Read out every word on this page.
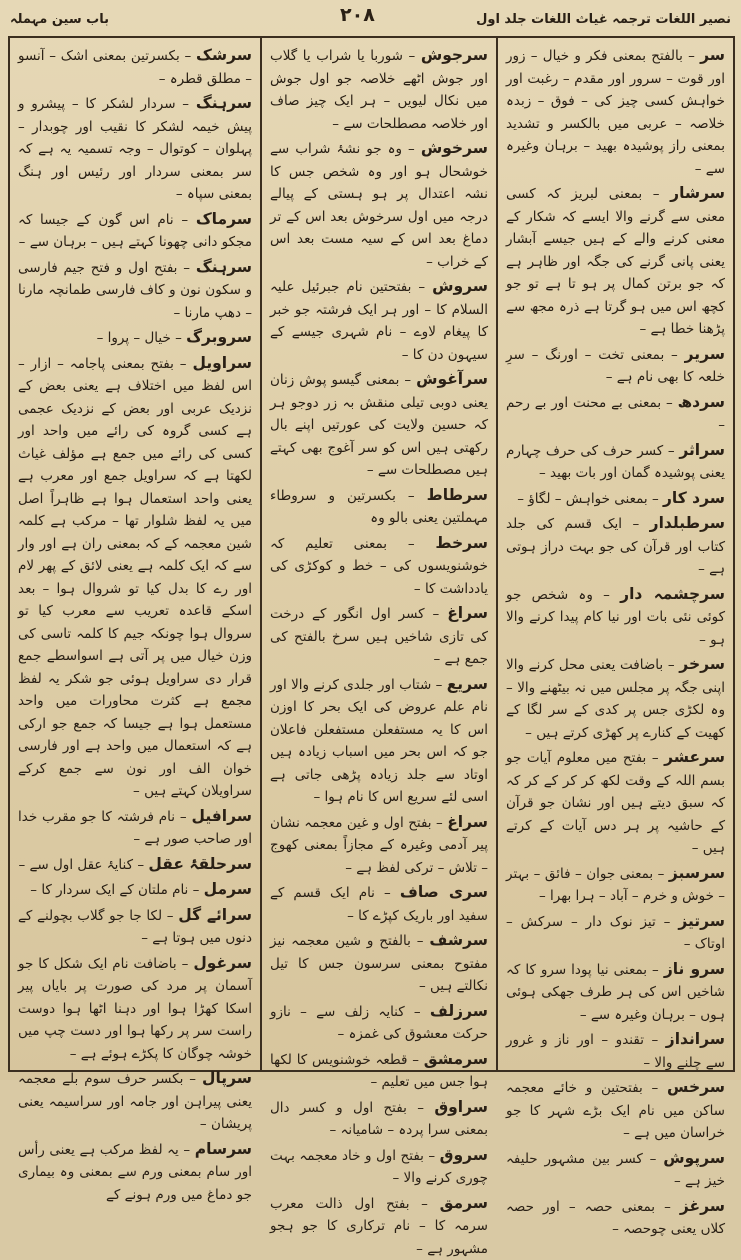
نصیر اللغات ترجمہ غیاث اللغات جلد اول
۲۰۸
باب سین مہملہ

سر – بالفتح بمعنی فکر و خیال – زور اور قوت – سرور اور مقدم – رغبت اور خواہش کسی چیز کی – فوق – زبدہ خلاصہ – عربی میں بالکسر و تشدید بمعنی راز پوشیدہ بھید – برہان وغیرہ سے –

سرشار – بمعنی لبریز کہ کسی معنی سے گرنے والا ایسے کہ شکار کے معنی کرنے والے کے ہیں جیسے آبشار یعنی پانی گرنے کی جگہ اور ظاہر ہے کہ جو برتن کمال پر ہو تا ہے تو جو کچھ اس میں ہو گرتا ہے ذرہ مجھ سے پڑھنا خطا ہے –

سریر – بمعنی تخت – اورنگ – سرِ خلعہ کا بھی نام ہے –

سردھ – بمعنی بے محنت اور بے رحم –

سراثر – کسر حرف کی حرف چہارم یعنی پوشیدہ گمان اور بات بھید –

سرد کار – بمعنی خواہش – لگاؤ –

سرطبلدار – ایک قسم کی جلد کتاب اور قرآن کی جو بہت دراز ہوتی ہے –

سرچشمہ دار – وہ شخص جو کوئی نئی بات اور نیا کام پیدا کرنے والا ہو –

سرخر – باضافت یعنی محل کرنے والا اپنی جگہ پر مجلس میں نہ بیٹھنے والا – وہ لکڑی جس پر کدی کے سر لگا کے کھیت کے کنارے پر کھڑی کرتے ہیں –

سرعشر – بفتح میں معلوم آیات جو بسم اللہ کے وقت لکھ کر کر کے کر کہ کہ سبق دیتے ہیں اور نشان جو قرآن کے حاشیہ پر ہر دس آیات کے کرتے ہیں –

سرسبز – بمعنی جوان – فائق – بہتر – خوش و خرم – آباد – ہرا بھرا –

سرتیز – تیز نوک دار – سرکش – اوتاک –

سرو ناز – بمعنی نیا پودا سرو کا کہ شاخیں اس کی ہر طرف جھکی ہوئی ہوں – برہان وغیرہ سے –

سرانداز – تقندو – اور ناز و غرور سے چلنے والا –

سرخس – بفتحتین و خائے معجمہ ساکن میں نام ایک بڑے شہر کا جو خراسان میں ہے –

سرپوش – کسر بین مشہور حلیفہ خیز ہے –

سرغز – بمعنی حصہ – اور حصہ کلاں یعنی چوحصہ –

سرجوش – شوربا یا شراب یا گلاب اور جوش اٹھے خلاصہ جو اول جوش میں نکال لیویں – ہر ایک چیز صاف اور خلاصہ مصطلحات سے –

سرخوش – وہ جو نشۂ شراب سے خوشحال ہو اور وہ شخص جس کا نشہ اعتدال پر ہو ہستی کے پیالے درجہ میں اول سرخوش بعد اس کے تر دماغ بعد اس کے سیہ مست بعد اس کے خراب –

سروش – بفتحتین نام جبرئیل علیہ السلام کا – اور ہر ایک فرشتہ جو خبر کا پیغام لاوے – نام شہری جیسے کے سیہون دن کا –

سرآغوش – بمعنی گیسو پوش زنان یعنی دوبی تیلی منقش بہ زر دوجو ہر کہ حسین ولایت کی عورتیں اپنے بال رکھتی ہیں اس کو سر آغوج بھی کہتے ہیں مصطلحات سے –

سرطاط – بکسرتین و سروطاء مہملتین یعنی بالو وہ

سرخط – بمعنی تعلیم کہ خوشنویسوں کی – خط و کوکڑی کی یادداشت کا –

سراغ – کسر اول انگور کے درخت کی تازی شاخیں ہیں سرخ بالفتح کی جمع ہے –

سریع – شتاب اور جلدی کرنے والا اور نام علم عروض کی ایک بحر کا اوزن اس کا یہ مستفعلن مستفعلن فاعلان جو کہ اس بحر میں اسباب زیادہ ہیں اوتاد سے جلد زیادہ پڑھی جاتی ہے اسی لئے سریع اس کا نام ہوا –

سراغ – بفتح اول و غین معجمہ نشان پیر آدمی وغیرہ کے مجازاً بمعنی کھوج – تلاش – ترکی لفظ ہے –

سری صاف – نام ایک قسم کے سفید اور باریک کپڑے کا –

سرشف – بالفتح و شین معجمہ نیز مفتوح بمعنی سرسون جس کا تیل نکالتے ہیں –

سرزلف – کنایہ زلف سے – نازو حرکت معشوق کی غمزہ –

سرمشق – قطعہ خوشنویس کا لکھا ہوا جس میں تعلیم –

سراوق – بفتح اول و کسر دال بمعنی سرا پردہ – شامیانہ –

سروق – بفتح اول و خاد معجمہ بہت چوری کرنے والا –

سرمق – بفتح اول ذالت معرب سرمہ کا – نام ترکاری کا جو ہجو مشہور ہے –

سرشک – بکسرتین بمعنی اشک – آنسو – مطلق قطرہ –

سرہنگ – سردار لشکر کا – پیشرو و پیش خیمہ لشکر کا نقیب اور چوبدار – پہلوان – کوتوال – وجہ تسمیہ یہ ہے کہ سر بمعنی سردار اور رئیس اور ہنگ بمعنی سپاہ –

سرماک – نام اس گون کے جیسا کہ مجکو دانی چھونا کہتے ہیں – برہان سے –

سرہنگ – بفتح اول و فتح جیم فارسی و سکون نون و کاف فارسی طمانچہ مارنا – دھپ مارنا –

سروبرگ – خیال – پروا –

سراویل – بفتح بمعنی پاجامہ – ازار – اس لفظ میں اختلاف ہے یعنی بعض کے نزدیک عربی اور بعض کے نزدیک عجمی ہے کسی گروہ کی رائے میں واحد اور کسی کی رائے میں جمع ہے مؤلف غیاث لکھتا ہے کہ سراویل جمع اور معرب ہے یعنی واحد استعمال ہوا ہے ظاہراً اصل میں یہ لفظ شلوار تھا – مرکب ہے کلمہ شین معجمہ کے کہ بمعنی ران ہے اور وار سے کہ ایک کلمہ ہے یعنی لائق کے پھر لام اور رے کا بدل کیا تو شروال ہوا – بعد اسکے قاعدہ تعریب سے معرب کیا تو سروال ہوا چونکہ جیم کا کلمہ تاسی کی وزن خیال میں پر آتی ہے اسواسطے جمع قرار دی سراویل ہوئی جو شکر یہ لفظ مجمع ہے کثرت محاورات میں واحد مستعمل ہوا ہے جیسا کہ جمع جو ارکی ہے کہ استعمال میں واحد ہے اور فارسی خوان الف اور نون سے جمع کرکے سراویلان کہتے ہیں –

سرافیل – نام فرشتہ کا جو مقرب خدا اور صاحب صور ہے –

سرحلقۂ عقل – کنایۂ عقل اول سے –

سرمل – نام ملتان کے ایک سردار کا –

سرائے گل – لکا جا جو گلاب بچولنے کے دنوں میں ہوتا ہے –

سرغول – باضافت نام ایک شکل کا جو آسمان پر مرد کی صورت پر بایاں پیر اسکا کھڑا ہوا اور دہنا اٹھا ہوا دوست راست سر پر رکھا ہوا اور دست چپ میں خوشہ چوگان کا پکڑے ہوئے ہے –

سرپال – بکسر حرف سوم بلے معجمہ یعنی پیراہن اور جامہ اور سراسیمہ یعنی پریشان –

سرسام – یہ لفظ مرکب ہے یعنی رأس اور سام بمعنی ورم سے بمعنی وہ بیماری جو دماغ میں ورم ہونے کے
